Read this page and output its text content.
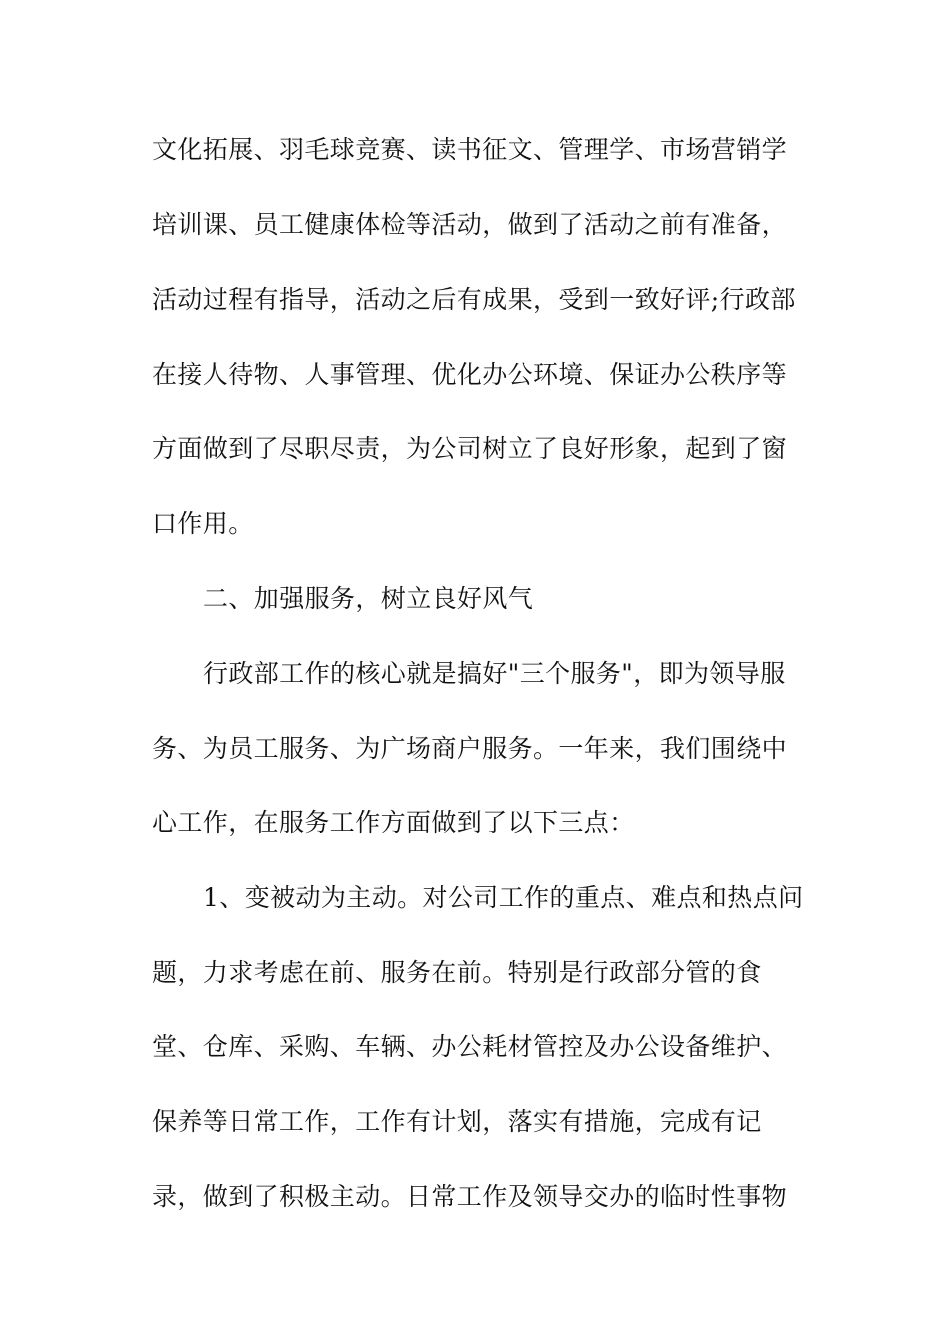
文化拓展、羽毛球竞赛、读书征文、管理学、市场营销学
培训课、员工健康体检等活动，做到了活动之前有准备，
活动过程有指导，活动之后有成果，受到一致好评;行政部
在接人待物、人事管理、优化办公环境、保证办公秩序等
方面做到了尽职尽责，为公司树立了良好形象，起到了窗
口作用。
二、加强服务，树立良好风气
行政部工作的核心就是搞好"三个服务"，即为领导服
务、为员工服务、为广场商户服务。一年来，我们围绕中
心工作，在服务工作方面做到了以下三点：
1、变被动为主动。对公司工作的重点、难点和热点问
题，力求考虑在前、服务在前。特别是行政部分管的食
堂、仓库、采购、车辆、办公耗材管控及办公设备维护、
保养等日常工作，工作有计划，落实有措施，完成有记
录，做到了积极主动。日常工作及领导交办的临时性事物
